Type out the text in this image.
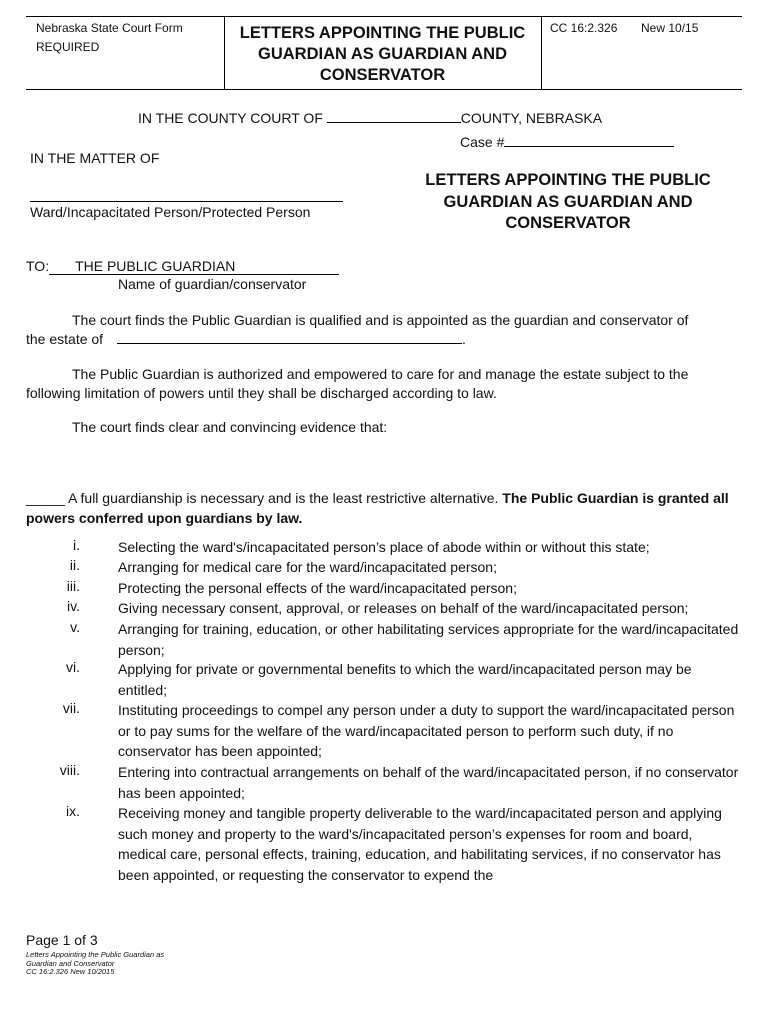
Nebraska State Court Form
REQUIRED
LETTERS APPOINTING THE PUBLIC GUARDIAN AS GUARDIAN AND CONSERVATOR
CC 16:2.326 New 10/15
IN THE COUNTY COURT OF	COUNTY, NEBRASKA
Case #
IN THE MATTER OF
Ward/Incapacitated Person/Protected Person
LETTERS APPOINTING THE PUBLIC GUARDIAN AS GUARDIAN AND CONSERVATOR
TO: THE PUBLIC GUARDIAN
Name of guardian/conservator
The court finds the Public Guardian is qualified and is appointed as the guardian and conservator of
the estate of	.
The Public Guardian is authorized and empowered to care for and manage the estate subject to the following limitation of powers until they shall be discharged according to law.
The court finds clear and convincing evidence that:
_____ A full guardianship is necessary and is the least restrictive alternative. The Public Guardian is granted all powers conferred upon guardians by law.
i.	Selecting the ward's/incapacitated person’s place of abode within or without this state;
ii.	Arranging for medical care for the ward/incapacitated person;
iii.	Protecting the personal effects of the ward/incapacitated person;
iv.	Giving necessary consent, approval, or releases on behalf of the ward/incapacitated person;
v.	Arranging for training, education, or other habilitating services appropriate for the ward/incapacitated person;
vi.	Applying for private or governmental benefits to which the ward/incapacitated person may be entitled;
vii.	Instituting proceedings to compel any person under a duty to support the ward/incapacitated person or to pay sums for the welfare of the ward/incapacitated person to perform such duty, if no conservator has been appointed;
viii.	Entering into contractual arrangements on behalf of the ward/incapacitated person, if no conservator has been appointed;
ix.	Receiving money and tangible property deliverable to the ward/incapacitated person and applying such money and property to the ward's/incapacitated person’s expenses for room and board, medical care, personal effects, training, education, and habilitating services, if no conservator has been appointed, or requesting the conservator to expend the
Page 1 of 3
Letters Appointing the Public Guardian as
Guardian and Conservator
CC 16:2.326 New 10/2015
